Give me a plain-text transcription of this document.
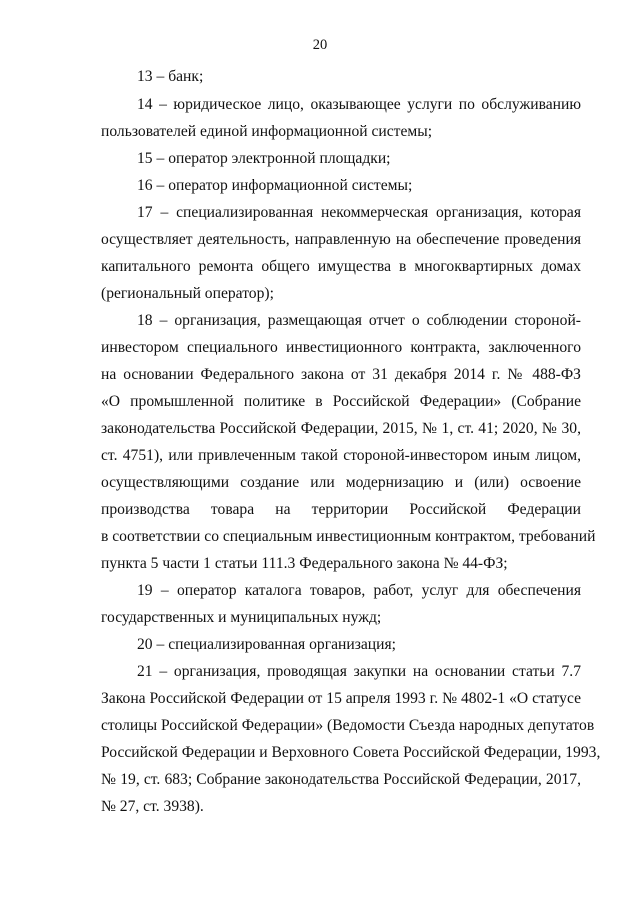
20
13 – банк;
14 – юридическое лицо, оказывающее услуги по обслуживанию
пользователей единой информационной системы;
15 – оператор электронной площадки;
16 – оператор информационной системы;
17 – специализированная некоммерческая организация, которая
осуществляет деятельность, направленную на обеспечение проведения
капитального ремонта общего имущества в многоквартирных домах
(региональный оператор);
18 – организация, размещающая отчет о соблюдении стороной-
инвестором специального инвестиционного контракта, заключенного
на основании Федерального закона от 31 декабря 2014 г. № 488-ФЗ
«О промышленной политике в Российской Федерации» (Собрание
законодательства Российской Федерации, 2015, № 1, ст. 41; 2020, № 30,
ст. 4751), или привлеченным такой стороной-инвестором иным лицом,
осуществляющими создание или модернизацию и (или) освоение
производства товара на территории Российской Федерации
в соответствии со специальным инвестиционным контрактом, требований
пункта 5 части 1 статьи 111.3 Федерального закона № 44-ФЗ;
19 – оператор каталога товаров, работ, услуг для обеспечения
государственных и муниципальных нужд;
20 – специализированная организация;
21 – организация, проводящая закупки на основании статьи 7.7
Закона Российской Федерации от 15 апреля 1993 г. № 4802-1 «О статусе
столицы Российской Федерации» (Ведомости Съезда народных депутатов
Российской Федерации и Верховного Совета Российской Федерации, 1993,
№ 19, ст. 683; Собрание законодательства Российской Федерации, 2017,
№ 27, ст. 3938).
